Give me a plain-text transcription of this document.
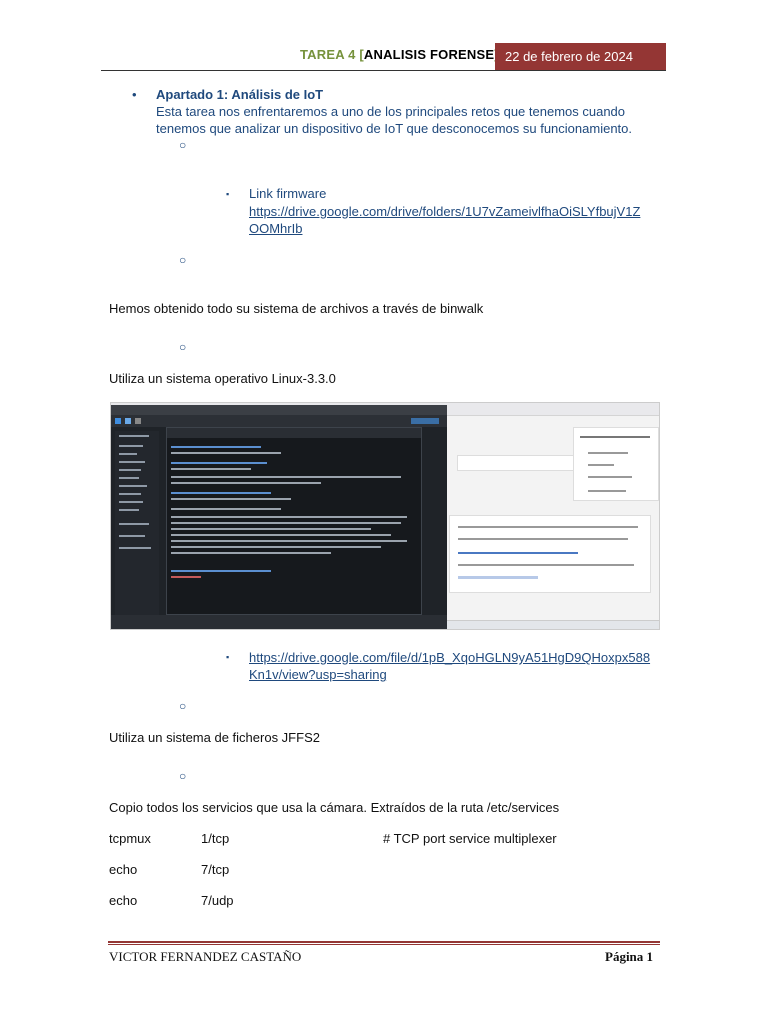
TAREA 4 [ANALISIS FORENSE 22 de febrero de 2024
• Apartado 1: Análisis de IoT
Esta tarea nos enfrentaremos a uno de los principales retos que tenemos cuando tenemos que analizar un dispositivo de IoT que desconocemos su funcionamiento.
○
▪ Link firmware
https://drive.google.com/drive/folders/1U7vZameivlfhaOiSLYfbujV1Z
OOMhrIb
○
Hemos obtenido todo su sistema de archivos a través de binwalk
○
Utiliza un sistema operativo Linux-3.3.0
▪ https://drive.google.com/file/d/1pB_XqoHGLN9yA51HgD9QHoxpx588
Kn1v/view?usp=sharing
○
Utiliza un sistema de ficheros JFFS2
○
Copio todos los servicios que usa la cámara. Extraídos de la ruta /etc/services
tcpmux	1/tcp	# TCP port service multiplexer
echo	7/tcp
echo	7/udp
VICTOR FERNANDEZ CASTAÑO	Página 1
